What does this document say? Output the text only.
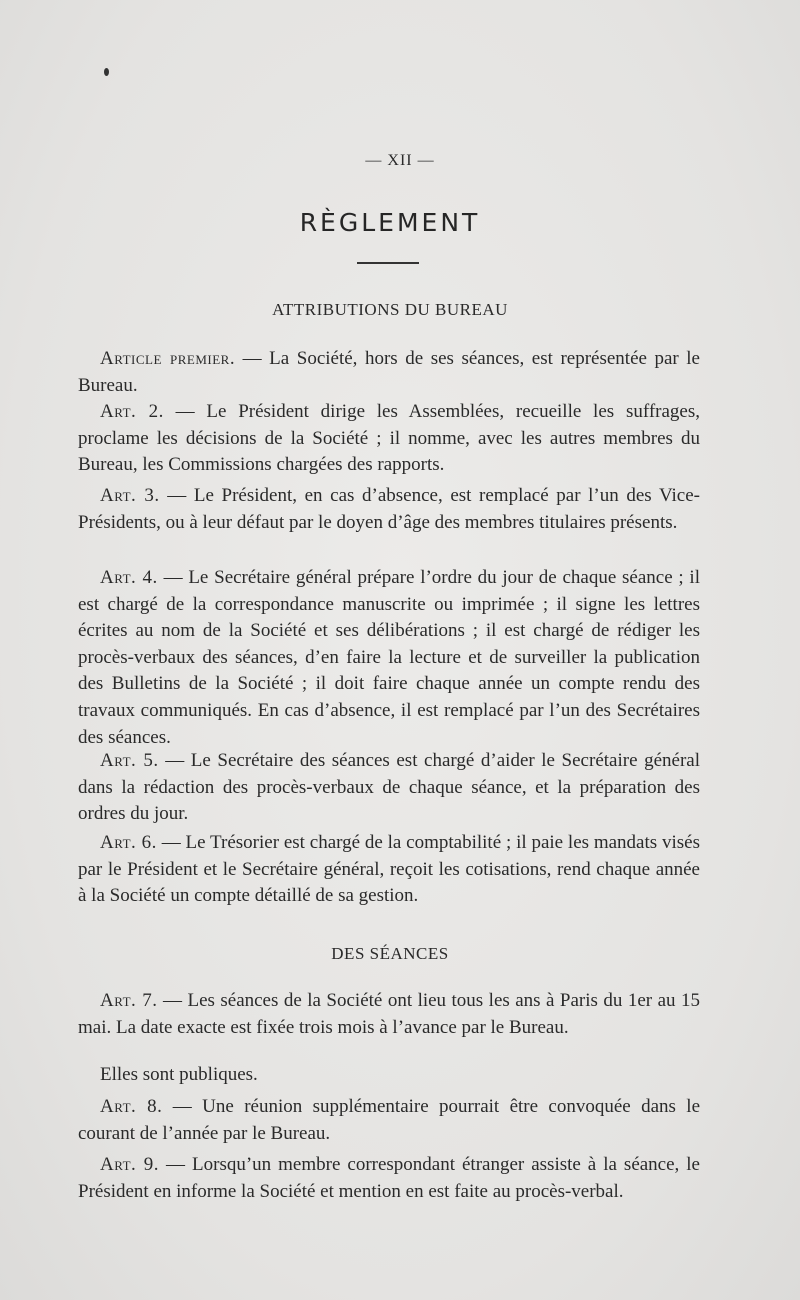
— XII —
RÈGLEMENT
ATTRIBUTIONS DU BUREAU
Article premier. — La Société, hors de ses séances, est représentée par le Bureau.
Art. 2. — Le Président dirige les Assemblées, recueille les suffrages, proclame les décisions de la Société ; il nomme, avec les autres membres du Bureau, les Commissions chargées des rapports.
Art. 3. — Le Président, en cas d’absence, est remplacé par l’un des Vice-Présidents, ou à leur défaut par le doyen d’âge des membres titulaires présents.
Art. 4. — Le Secrétaire général prépare l’ordre du jour de chaque séance ; il est chargé de la correspondance manuscrite ou imprimée ; il signe les lettres écrites au nom de la Société et ses délibérations ; il est chargé de rédiger les procès-verbaux des séances, d’en faire la lecture et de surveiller la publication des Bulletins de la Société ; il doit faire chaque année un compte rendu des travaux communiqués. En cas d’absence, il est remplacé par l’un des Secrétaires des séances.
Art. 5. — Le Secrétaire des séances est chargé d’aider le Secrétaire général dans la rédaction des procès-verbaux de chaque séance, et la préparation des ordres du jour.
Art. 6. — Le Trésorier est chargé de la comptabilité ; il paie les mandats visés par le Président et le Secrétaire général, reçoit les cotisations, rend chaque année à la Société un compte détaillé de sa gestion.
DES SÉANCES
Art. 7. — Les séances de la Société ont lieu tous les ans à Paris du 1er au 15 mai. La date exacte est fixée trois mois à l’avance par le Bureau.
Elles sont publiques.
Art. 8. — Une réunion supplémentaire pourrait être convoquée dans le courant de l’année par le Bureau.
Art. 9. — Lorsqu’un membre correspondant étranger assiste à la séance, le Président en informe la Société et mention en est faite au procès-verbal.
